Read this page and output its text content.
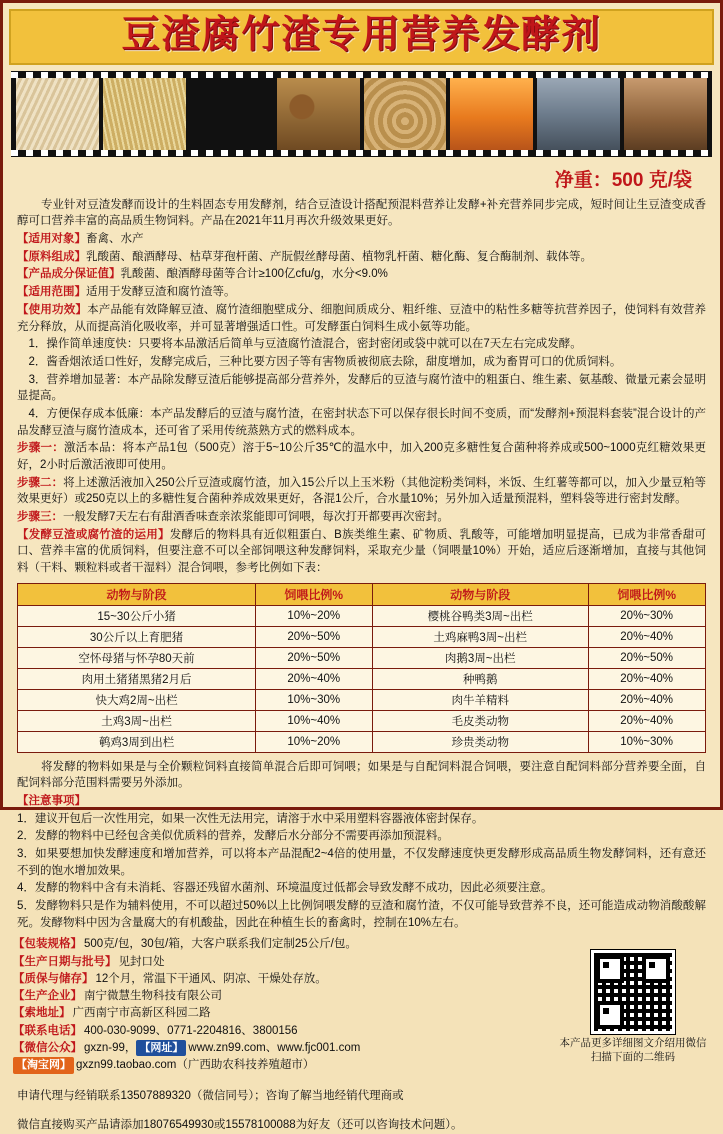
豆渣腐竹渣专用营养发酵剂
净重：500 克/袋

专业针对豆渣发酵而设计的生料固态专用发酵剂，结合豆渣设计搭配预混料营养让发酵+补充营养同步完成，短时间让生豆渣变成香醇可口营养丰富的高品质生物饲料。产品在2021年11月再次升级效果更好。

【适用对象】畜禽、水产

【原料组成】乳酸菌、酿酒酵母、枯草芽孢杆菌、产朊假丝酵母菌、植物乳杆菌、糖化酶、复合酶制剂、载体等。

【产品成分保证值】乳酸菌、酿酒酵母菌等合计≥100亿cfu/g，水分<9.0%

【适用范围】适用于发酵豆渣和腐竹渣等。

【使用功效】本产品能有效降解豆渣、腐竹渣细胞壁成分、细胞间质成分、粗纤维、豆渣中的粘性多糖等抗营养因子，使饲料有效营养充分释放，从而提高消化吸收率，并可显著增强适口性。可发酵蛋白饲料生成小氨等功能。

　1．操作简单速度快：只要将本品激活后简单与豆渣腐竹渣混合，密封密闭或袋中就可以在7天左右完成发酵。

　2．酱香烟浓适口性好，发酵完成后，三种比要方因子等有害物质被彻底去除，甜度增加，成为畜胃可口的优质饲料。

　3．营养增加显著：本产品除发酵豆渣后能够提高部分营养外，发酵后的豆渣与腐竹渣中的粗蛋白、维生素、氨基酸、微量元素会显明显提高。

　4．方便保存成本低廉：本产品发酵后的豆渣与腐竹渣，在密封状态下可以保存很长时间不变质，而“发酵剂+预混料套装”混合设计的产品发酵豆渣与腐竹渣成本，还可省了采用传统蒸熟方式的燃料成本。

步骤一：激活本品：将本产品1包（500克）溶于5~10公斤35℃的温水中，加入200克多糖性复合菌种将养成或500~1000克红糖效果更好，2小时后激活液即可使用。

步骤二：将上述激活液加入250公斤豆渣或腐竹渣，加入15公斤以上玉米粉（其他淀粉类饲料，米饭、生红薯等都可以，加入少量豆粕等效果更好）或250克以上的多糖性复合菌种养成效果更好，各混1公斤，合水量10%；另外加入适量预混料，塑料袋等进行密封发酵。

步骤三：一般发酵7天左右有甜酒香味查亲浓浆能即可饲喂，每次打开都要再次密封。

【发酵豆渣或腐竹渣的运用】发酵后的物料具有近似粗蛋白、B族类维生素、矿物质、乳酸等，可能增加明显提高，已成为非常香甜可口、营养丰富的优质饲料，但要注意不可以全部饲喂这种发酵饲料，采取充少量（饲喂量10%）开始，适应后逐渐增加，直接与其他饲料（干料、颗粒料或者干湿料）混合饲喂，参考比例如下表：

动物与阶段	饲喂比例%	动物与阶段	饲喂比例%
15~30公斤小猪	10%~20%	樱桃谷鸭类3周~出栏	20%~30%
30公斤以上育肥猪	20%~50%	土鸡麻鸭3周~出栏	20%~40%
空怀母猪与怀孕80天前	20%~50%	肉鹅3周~出栏	20%~50%
肉用土猪猪黑猪2月后	20%~40%	种鸭鹅	20%~40%
快大鸡2周~出栏	10%~30%	肉牛羊精料	20%~40%
土鸡3周~出栏	10%~40%	毛皮类动物	20%~40%
鹌鸡3周到出栏	10%~20%	珍贵类动物	10%~30%

将发酵的物料如果是与全价颗粒饲料直接简单混合后即可饲喂；如果是与自配饲料混合饲喂，要注意自配饲料部分营养要全面，自配饲料部分范围料需要另外添加。

【注意事项】

1．建议开包后一次性用完，如果一次性无法用完，请溶于水中采用塑料容器液体密封保存。

2．发酵的物料中已经包含美似优质料的营养，发酵后水分部分不需要再添加预混料。

3．如果要想加快发酵速度和增加营养，可以将本产品混配2~4倍的使用量，不仅发酵速度快更发酵形成高品质生物发酵饲料，还有意还不到的饱水增加效果。

4．发酵的物料中含有未消耗、容器还残留水菌剂、环境温度过低都会导致发酵不成功，因此必须要注意。

5．发酵物料只是作为辅料使用，不可以超过50%以上比例饲喂发酵的豆渣和腐竹渣，不仅可能导致营养不良，还可能造成动物消酸酸解死。发酵物料中因为含量腐大的有机酸盐，因此在种植生长的畜禽时，控制在10%左右。

【包装规格】 500克/包，30包/箱，大客户联系我们定制25公斤/包。
【生产日期与批号】 见封口处
【质保与储存】 12个月，常温下干通风、阴凉、干燥处存放。
【生产企业】 南宁微慧生物科技有限公司
【索地址】 广西南宁市高新区科园二路
【联系电话】 400-030-9099、0771-2204816、3800156
【微信公众】 gxzn-99， 【网址】 www.zn99.com、www.fjc001.com
【淘宝网】 gxzn99.taobao.com（广西助农科技养殖超市）
本产品更多详细图文介绍用微信扫描下面的二维码

申请代理与经销联系13507889320（微信同号）；咨询了解当地经销代理商或

微信直接购买产品请添加18076549930或15578100088为好友（还可以咨询技术问题）。
